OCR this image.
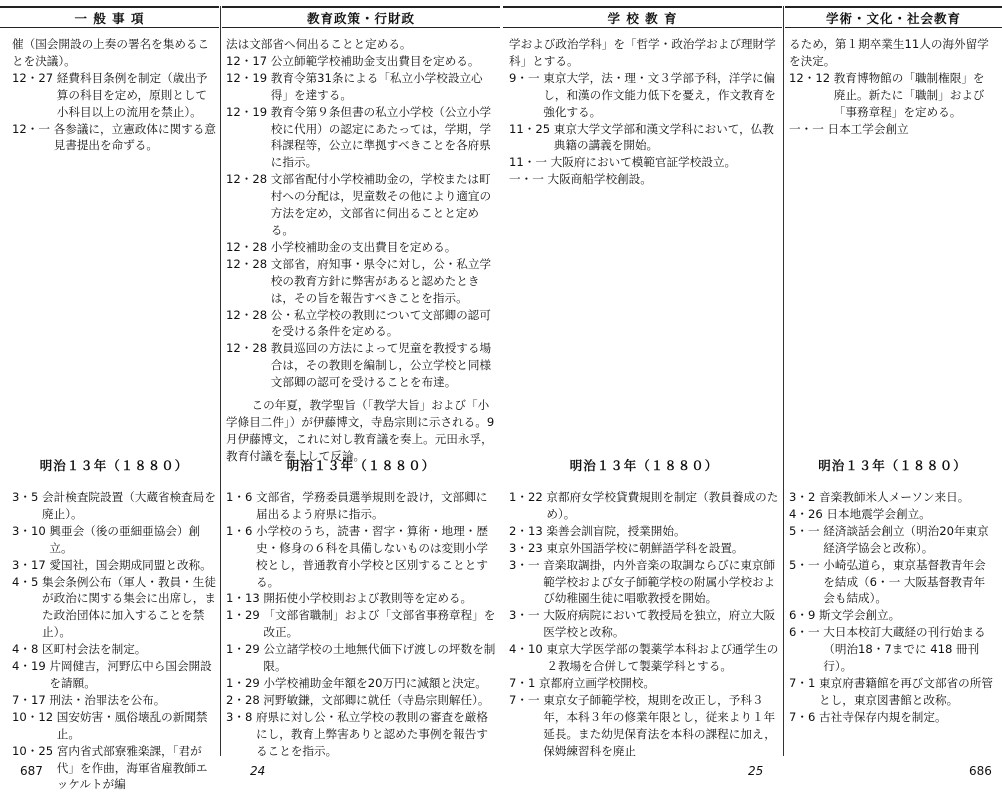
一 般 事 項	教育政策・行財政
催（国会開設の上奏の署名を集めることを決議）。
12・27 経費科目条例を制定（歳出予算の科目を定め，原則として小科目以上の流用を禁止）。
12・一 各参議に，立憲政体に関する意見書提出を命ずる。
明治１３年（１８８０）
3・5 会計検査院設置（大蔵省検査局を廃止）。
3・10 興亜会（後の亜細亜協会）創立。
3・17 愛国社，国会期成同盟と改称。
4・5 集会条例公布（軍人・教員・生徒が政治に関する集会に出席し，また政治団体に加入することを禁止）。
4・8 区町村会法を制定。
4・19 片岡健吉，河野広中ら国会開設を請願。
7・17 刑法・治罪法を公布。
10・12 国安妨害・風俗壊乱の新聞禁止。
10・25 宮内省式部寮雅楽課，「君が代」を作曲，海軍省雇教師エッケルトが編
法は文部省へ伺出ることと定める。
12・17 公立師範学校補助金支出費目を定める。
12・19 教育令第31条による「私立小学校設立心得」を達する。
12・19 教育令第９条但書の私立小学校（公立小学校に代用）の認定にあたっては，学期，学科課程等，公立に準拠すべきことを各府県に指示。
12・28 文部省配付小学校補助金の，学校または町村への分配は，児童数その他により適宜の方法を定め，文部省に伺出ることと定める。
12・28 小学校補助金の支出費目を定める。
12・28 文部省，府知事・県令に対し，公・私立学校の教育方針に弊害があると認めたときは，その旨を報告すべきことを指示。
12・28 公・私立学校の教則について文部卿の認可を受ける条件を定める。
12・28 教員巡回の方法によって児童を教授する場合は，その教則を編制し，公立学校と同様文部卿の認可を受けることを布達。
この年夏，教学聖旨（「教学大旨」および「小学條目二件」）が伊藤博文，寺島宗則に示される。9月伊藤博文，これに対し教育議を奏上。元田永孚，教育付議を奏上して反論。
明治１３年（１８８０）
1・6 文部省，学務委員選挙規則を設け，文部卿に届出るよう府県に指示。
1・6 小学校のうち，読書・習字・算術・地理・歴史・修身の６科を具備しないものは変則小学校とし，普通教育小学校と区別することとする。
1・13 開拓使小学校則および教則等を定める。
1・29 「文部省職制」および「文部省事務章程」を改正。
1・29 公立諸学校の土地無代価下げ渡しの坪数を制限。
1・29 小学校補助金年額を20万円に減額と決定。
2・28 河野敏鎌，文部卿に就任（寺島宗則解任）。
3・8 府県に対し公・私立学校の教則の審査を厳格にし，教育上弊害ありと認めた事例を報告することを指示。
687	24
学 校 教 育	学術・文化・社会教育
学および政治学科」を「哲学・政治学および理財学科」とする。
9・一 東京大学，法・理・文３学部予科，洋学に偏し，和漢の作文能力低下を憂え，作文教育を強化する。
11・25 東京大学文学部和漢文学科において，仏教典籍の講義を開始。
11・一 大阪府において模範官証学校設立。
一・一 大阪商船学校創設。
明治１３年（１８８０）
1・22 京都府女学校貸費規則を制定（教員養成のため）。
2・13 楽善会訓盲院，授業開始。
3・23 東京外国語学校に朝鮮語学科を設置。
3・一 音楽取調掛，内外音楽の取調ならびに東京師範学校および女子師範学校の附属小学校および幼稚園生徒に唱歌教授を開始。
3・一 大阪府病院において教授局を独立，府立大阪医学校と改称。
4・10 東京大学医学部の製薬学本科および通学生の２教場を合併して製薬学科とする。
7・1 京都府立画学校開校。
7・一 東京女子師範学校，規則を改正し，予科３年，本科３年の修業年限とし，従来より１年延長。また幼児保育法を本科の課程に加え，保姆練習科を廃止
るため，第１期卒業生11人の海外留学を決定。
12・12 教育博物館の「職制権限」を廃止。新たに「職制」および「事務章程」を定める。
一・一 日本工学会創立
明治１３年（１８８０）
3・2 音楽教師米人メーソン来日。
4・26 日本地震学会創立。
5・一 経済談話会創立（明治20年東京経済学協会と改称）。
5・一 小崎弘道ら，東京基督教青年会を結成（6・一 大阪基督教青年会も結成）。
6・9 斯文学会創立。
6・一 大日本校訂大蔵経の刊行始まる（明治18・7までに 418 冊刊行）。
7・1 東京府書籍館を再び文部省の所管とし，東京図書館と改称。
7・6 古社寺保存内規を制定。
25	686
